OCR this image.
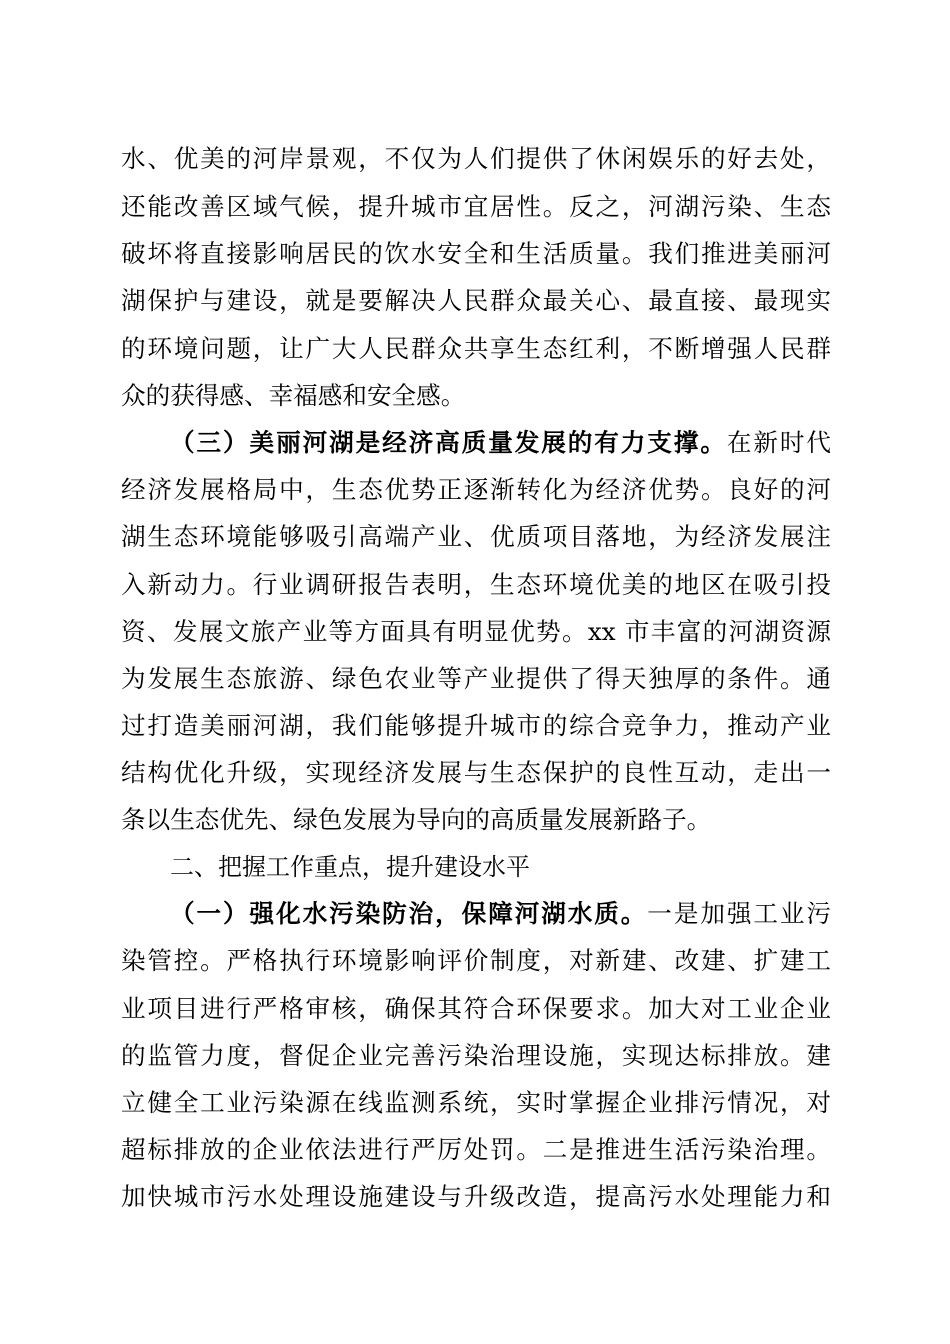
水、优美的河岸景观，不仅为人们提供了休闲娱乐的好去处，
还能改善区域气候，提升城市宜居性。反之，河湖污染、生态
破坏将直接影响居民的饮水安全和生活质量。我们推进美丽河
湖保护与建设，就是要解决人民群众最关心、最直接、最现实
的环境问题，让广大人民群众共享生态红利，不断增强人民群
众的获得感、幸福感和安全感。
（三）美丽河湖是经济高质量发展的有力支撑。在新时代
经济发展格局中，生态优势正逐渐转化为经济优势。良好的河
湖生态环境能够吸引高端产业、优质项目落地，为经济发展注
入新动力。行业调研报告表明，生态环境优美的地区在吸引投
资、发展文旅产业等方面具有明显优势。xx 市丰富的河湖资源
为发展生态旅游、绿色农业等产业提供了得天独厚的条件。通
过打造美丽河湖，我们能够提升城市的综合竞争力，推动产业
结构优化升级，实现经济发展与生态保护的良性互动，走出一
条以生态优先、绿色发展为导向的高质量发展新路子。
二、把握工作重点，提升建设水平
（一）强化水污染防治，保障河湖水质。一是加强工业污
染管控。严格执行环境影响评价制度，对新建、改建、扩建工
业项目进行严格审核，确保其符合环保要求。加大对工业企业
的监管力度，督促企业完善污染治理设施，实现达标排放。建
立健全工业污染源在线监测系统，实时掌握企业排污情况，对
超标排放的企业依法进行严厉处罚。二是推进生活污染治理。
加快城市污水处理设施建设与升级改造，提高污水处理能力和
